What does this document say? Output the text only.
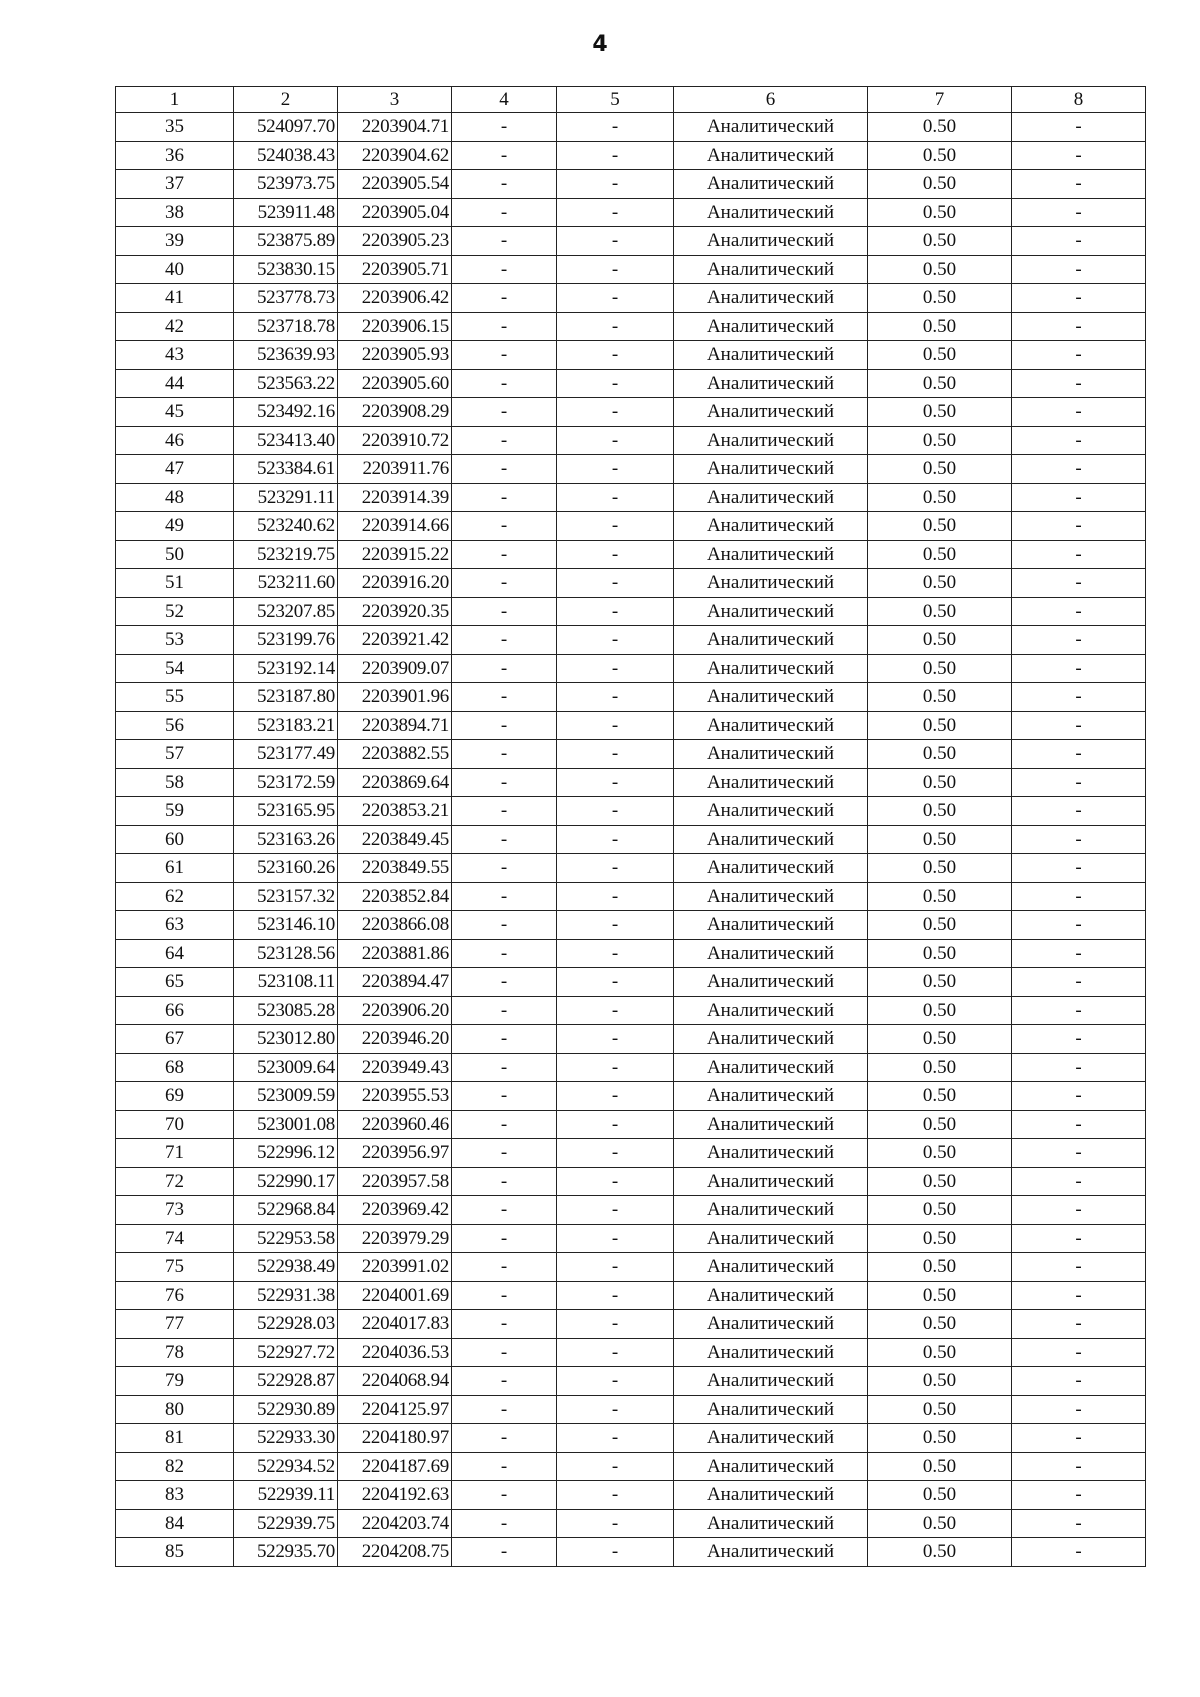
4
1	2	3	4	5	6	7	8
35	524097.70	2203904.71	-	-	Аналитический	0.50	-
36	524038.43	2203904.62	-	-	Аналитический	0.50	-
37	523973.75	2203905.54	-	-	Аналитический	0.50	-
38	523911.48	2203905.04	-	-	Аналитический	0.50	-
39	523875.89	2203905.23	-	-	Аналитический	0.50	-
40	523830.15	2203905.71	-	-	Аналитический	0.50	-
41	523778.73	2203906.42	-	-	Аналитический	0.50	-
42	523718.78	2203906.15	-	-	Аналитический	0.50	-
43	523639.93	2203905.93	-	-	Аналитический	0.50	-
44	523563.22	2203905.60	-	-	Аналитический	0.50	-
45	523492.16	2203908.29	-	-	Аналитический	0.50	-
46	523413.40	2203910.72	-	-	Аналитический	0.50	-
47	523384.61	2203911.76	-	-	Аналитический	0.50	-
48	523291.11	2203914.39	-	-	Аналитический	0.50	-
49	523240.62	2203914.66	-	-	Аналитический	0.50	-
50	523219.75	2203915.22	-	-	Аналитический	0.50	-
51	523211.60	2203916.20	-	-	Аналитический	0.50	-
52	523207.85	2203920.35	-	-	Аналитический	0.50	-
53	523199.76	2203921.42	-	-	Аналитический	0.50	-
54	523192.14	2203909.07	-	-	Аналитический	0.50	-
55	523187.80	2203901.96	-	-	Аналитический	0.50	-
56	523183.21	2203894.71	-	-	Аналитический	0.50	-
57	523177.49	2203882.55	-	-	Аналитический	0.50	-
58	523172.59	2203869.64	-	-	Аналитический	0.50	-
59	523165.95	2203853.21	-	-	Аналитический	0.50	-
60	523163.26	2203849.45	-	-	Аналитический	0.50	-
61	523160.26	2203849.55	-	-	Аналитический	0.50	-
62	523157.32	2203852.84	-	-	Аналитический	0.50	-
63	523146.10	2203866.08	-	-	Аналитический	0.50	-
64	523128.56	2203881.86	-	-	Аналитический	0.50	-
65	523108.11	2203894.47	-	-	Аналитический	0.50	-
66	523085.28	2203906.20	-	-	Аналитический	0.50	-
67	523012.80	2203946.20	-	-	Аналитический	0.50	-
68	523009.64	2203949.43	-	-	Аналитический	0.50	-
69	523009.59	2203955.53	-	-	Аналитический	0.50	-
70	523001.08	2203960.46	-	-	Аналитический	0.50	-
71	522996.12	2203956.97	-	-	Аналитический	0.50	-
72	522990.17	2203957.58	-	-	Аналитический	0.50	-
73	522968.84	2203969.42	-	-	Аналитический	0.50	-
74	522953.58	2203979.29	-	-	Аналитический	0.50	-
75	522938.49	2203991.02	-	-	Аналитический	0.50	-
76	522931.38	2204001.69	-	-	Аналитический	0.50	-
77	522928.03	2204017.83	-	-	Аналитический	0.50	-
78	522927.72	2204036.53	-	-	Аналитический	0.50	-
79	522928.87	2204068.94	-	-	Аналитический	0.50	-
80	522930.89	2204125.97	-	-	Аналитический	0.50	-
81	522933.30	2204180.97	-	-	Аналитический	0.50	-
82	522934.52	2204187.69	-	-	Аналитический	0.50	-
83	522939.11	2204192.63	-	-	Аналитический	0.50	-
84	522939.75	2204203.74	-	-	Аналитический	0.50	-
85	522935.70	2204208.75	-	-	Аналитический	0.50	-
